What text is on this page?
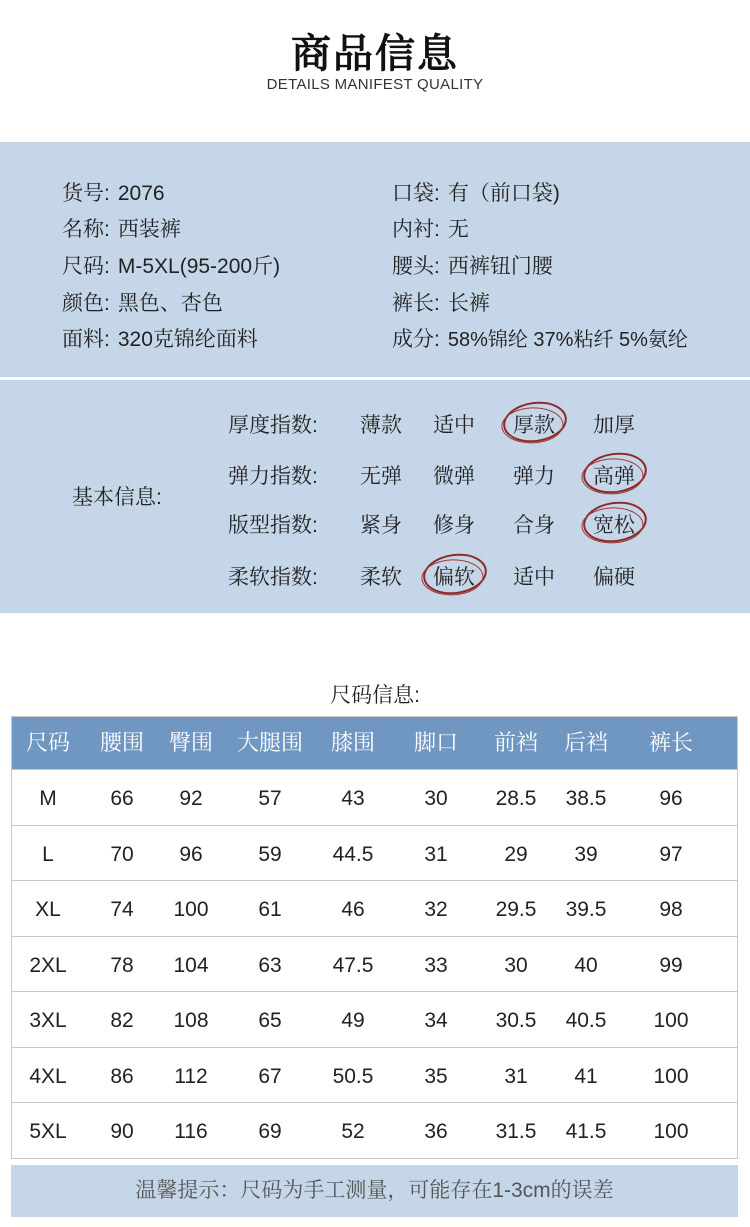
商品信息
DETAILS MANIFEST QUALITY
货号: 2076
名称: 西装裤
尺码: M-5XL(95-200斤)
颜色: 黑色、杏色
面料: 320克锦纶面料
口袋: 有（前口袋)
内衬: 无
腰头: 西裤钮门腰
裤长: 长裤
成分: 58%锦纶 37%粘纤 5%氨纶
基本信息:
厚度指数: 薄款 适中 厚款 加厚
弹力指数: 无弹 微弹 弹力 高弹
版型指数: 紧身 修身 合身 宽松
柔软指数: 柔软 偏软 适中 偏硬
尺码信息:
尺码	腰围	臀围	大腿围	膝围	脚口	前裆	后裆	裤长
M	66	92	57	43	30	28.5	38.5	96
L	70	96	59	44.5	31	29	39	97
XL	74	100	61	46	32	29.5	39.5	98
2XL	78	104	63	47.5	33	30	40	99
3XL	82	108	65	49	34	30.5	40.5	100
4XL	86	112	67	50.5	35	31	41	100
5XL	90	116	69	52	36	31.5	41.5	100
温馨提示：尺码为手工测量，可能存在1-3cm的误差
